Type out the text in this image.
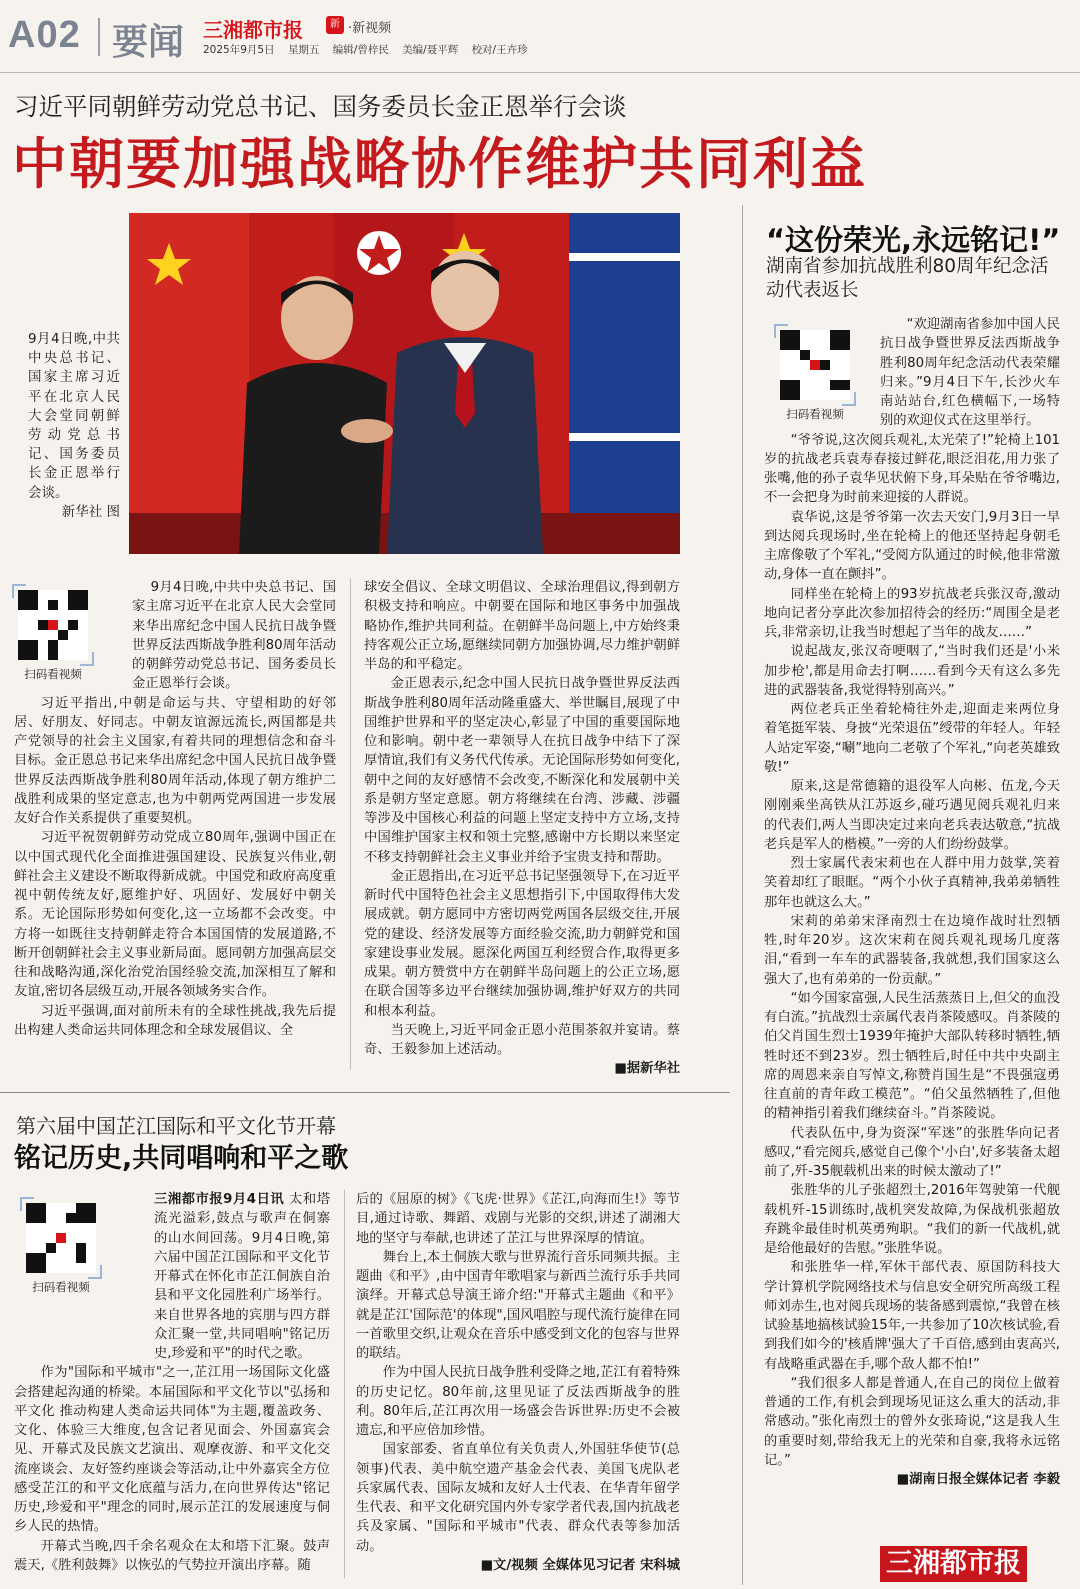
A02 要闻 三湘都市报	新 ·新视频
2025年9月5日 星期五 编辑/曾梓民 美编/聂平辉 校对/王卉珍
习近平同朝鲜劳动党总书记、国务委员长金正恩举行会谈
中朝要加强战略协作维护共同利益
9月4日晚,中共中央总书记、国家主席习近平在北京人民大会堂同朝鲜劳动党总书记、国务委员长金正恩举行会谈。
新华社 图
扫码看视频

9月4日晚,中共中央总书记、国家主席习近平在北京人民大会堂同来华出席纪念中国人民抗日战争暨世界反法西斯战争胜利80周年活动的朝鲜劳动党总书记、国务委员长金正恩举行会谈。

习近平指出,中朝是命运与共、守望相助的好邻居、好朋友、好同志。中朝友谊源远流长,两国都是共产党领导的社会主义国家,有着共同的理想信念和奋斗目标。金正恩总书记来华出席纪念中国人民抗日战争暨世界反法西斯战争胜利80周年活动,体现了朝方维护二战胜利成果的坚定意志,也为中朝两党两国进一步发展友好合作关系提供了重要契机。

习近平祝贺朝鲜劳动党成立80周年,强调中国正在以中国式现代化全面推进强国建设、民族复兴伟业,朝鲜社会主义建设不断取得新成就。中国党和政府高度重视中朝传统友好,愿维护好、巩固好、发展好中朝关系。无论国际形势如何变化,这一立场都不会改变。中方将一如既往支持朝鲜走符合本国国情的发展道路,不断开创朝鲜社会主义事业新局面。愿同朝方加强高层交往和战略沟通,深化治党治国经验交流,加深相互了解和友谊,密切各层级互动,开展各领域务实合作。

习近平强调,面对前所未有的全球性挑战,我先后提出构建人类命运共同体理念和全球发展倡议、全

球安全倡议、全球文明倡议、全球治理倡议,得到朝方积极支持和响应。中朝要在国际和地区事务中加强战略协作,维护共同利益。在朝鲜半岛问题上,中方始终秉持客观公正立场,愿继续同朝方加强协调,尽力维护朝鲜半岛的和平稳定。

金正恩表示,纪念中国人民抗日战争暨世界反法西斯战争胜利80周年活动隆重盛大、举世瞩目,展现了中国维护世界和平的坚定决心,彰显了中国的重要国际地位和影响。朝中老一辈领导人在抗日战争中结下了深厚情谊,我们有义务代代传承。无论国际形势如何变化,朝中之间的友好感情不会改变,不断深化和发展朝中关系是朝方坚定意愿。朝方将继续在台湾、涉藏、涉疆等涉及中国核心利益的问题上坚定支持中方立场,支持中国维护国家主权和领土完整,感谢中方长期以来坚定不移支持朝鲜社会主义事业并给予宝贵支持和帮助。

金正恩指出,在习近平总书记坚强领导下,在习近平新时代中国特色社会主义思想指引下,中国取得伟大发展成就。朝方愿同中方密切两党两国各层级交往,开展党的建设、经济发展等方面经验交流,助力朝鲜党和国家建设事业发展。愿深化两国互利经贸合作,取得更多成果。朝方赞赏中方在朝鲜半岛问题上的公正立场,愿在联合国等多边平台继续加强协调,维护好双方的共同和根本利益。

当天晚上,习近平同金正恩小范围茶叙并宴请。蔡奇、王毅参加上述活动。

■据新华社
第六届中国芷江国际和平文化节开幕
铭记历史,共同唱响和平之歌
扫码看视频

三湘都市报9月4日讯 太和塔流光溢彩,鼓点与歌声在侗寨的山水间回荡。9月4日晚,第六届中国芷江国际和平文化节开幕式在怀化市芷江侗族自治县和平文化园胜利广场举行。来自世界各地的宾朋与四方群众汇聚一堂,共同唱响"铭记历史,珍爱和平"的时代之歌。

作为"国际和平城市"之一,芷江用一场国际文化盛会搭建起沟通的桥梁。本届国际和平文化节以"弘扬和平文化 推动构建人类命运共同体"为主题,覆盖政务、文化、体验三大维度,包含记者见面会、外国嘉宾会见、开幕式及民族文艺演出、观摩夜游、和平文化交流座谈会、友好签约座谈会等活动,让中外嘉宾全方位感受芷江的和平文化底蕴与活力,在向世界传达"铭记历史,珍爱和平"理念的同时,展示芷江的发展速度与侗乡人民的热情。

开幕式当晚,四千余名观众在太和塔下汇聚。鼓声震天,《胜利鼓舞》以恢弘的气势拉开演出序幕。随

后的《屈原的树》《飞虎·世界》《芷江,向海而生!》等节目,通过诗歌、舞蹈、戏剧与光影的交织,讲述了湖湘大地的坚守与奉献,也讲述了芷江与世界深厚的情谊。

舞台上,本土侗族大歌与世界流行音乐同频共振。主题曲《和平》,由中国青年歌唱家与新西兰流行乐手共同演绎。开幕式总导演王谛介绍:"开幕式主题曲《和平》就是芷江'国际范'的体现",国风唱腔与现代流行旋律在同一首歌里交织,让观众在音乐中感受到文化的包容与世界的联结。

作为中国人民抗日战争胜利受降之地,芷江有着特殊的历史记忆。80年前,这里见证了反法西斯战争的胜利。80年后,芷江再次用一场盛会告诉世界:历史不会被遗忘,和平应倍加珍惜。

国家部委、省直单位有关负责人,外国驻华使节(总领事)代表、美中航空遗产基金会代表、美国飞虎队老兵家属代表、国际友城和友好人士代表、在华青年留学生代表、和平文化研究国内外专家学者代表,国内抗战老兵及家属、"国际和平城市"代表、群众代表等参加活动。

■文/视频 全媒体见习记者 宋科城
“这份荣光,永远铭记!”
湖南省参加抗战胜利80周年纪念活动代表返长
扫码看视频

“欢迎湖南省参加中国人民抗日战争暨世界反法西斯战争胜利80周年纪念活动代表荣耀归来。”9月4日下午,长沙火车南站站台,红色横幅下,一场特别的欢迎仪式在这里举行。

“爷爷说,这次阅兵观礼,太光荣了!”轮椅上101岁的抗战老兵袁寿春接过鲜花,眼泛泪花,用力张了张嘴,他的孙子袁华见状俯下身,耳朵贴在爷爷嘴边,不一会把身为时前来迎接的人群说。

袁华说,这是爷爷第一次去天安门,9月3日一早到达阅兵现场时,坐在轮椅上的他还坚持起身朝毛主席像敬了个军礼,“受阅方队通过的时候,他非常激动,身体一直在颤抖”。

同样坐在轮椅上的93岁抗战老兵张汉奇,激动地向记者分享此次参加招待会的经历:“周围全是老兵,非常亲切,让我当时想起了当年的战友……”

说起战友,张汉奇哽咽了,“当时我们还是'小米加步枪',都是用命去打啊……看到今天有这么多先进的武器装备,我觉得特别高兴。”

两位老兵正坐着轮椅往外走,迎面走来两位身着笔挺军装、身披“光荣退伍”绶带的年轻人。年轻人站定军姿,“唰”地向二老敬了个军礼,“向老英雄致敬!”

原来,这是常德籍的退役军人向彬、伍龙,今天刚刚乘坐高铁从江苏返乡,碰巧遇见阅兵观礼归来的代表们,两人当即决定过来向老兵表达敬意,“抗战老兵是军人的楷模。”一旁的人们纷纷鼓掌。

烈士家属代表宋莉也在人群中用力鼓掌,笑着笑着却红了眼眶。“两个小伙子真精神,我弟弟牺牲那年也就这么大。”

宋莉的弟弟宋泽南烈士在边境作战时壮烈牺牲,时年20岁。这次宋莉在阅兵观礼现场几度落泪,“看到一车车的武器装备,我就想,我们国家这么强大了,也有弟弟的一份贡献。”

“如今国家富强,人民生活蒸蒸日上,但父的血没有白流。”抗战烈士亲属代表肖茶陵感叹。肖茶陵的伯父肖国生烈士1939年掩护大部队转移时牺牲,牺牲时还不到23岁。烈士牺牲后,时任中共中央副主席的周恩来亲自写悼文,称赞肖国生是“不畏强寇勇往直前的青年政工模范”。“伯父虽然牺牲了,但他的精神指引着我们继续奋斗。”肖茶陵说。

代表队伍中,身为资深“军迷”的张胜华向记者感叹,“看完阅兵,感觉自己像个'小白',好多装备太超前了,歼-35舰载机出来的时候太激动了!”

张胜华的儿子张超烈士,2016年驾驶第一代舰载机歼-15训练时,战机突发故障,为保战机张超放弃跳伞最佳时机英勇殉职。“我们的新一代战机,就是给他最好的告慰。”张胜华说。

和张胜华一样,军休干部代表、原国防科技大学计算机学院网络技术与信息安全研究所高级工程师刘赤生,也对阅兵现场的装备感到震惊,“我曾在核试验基地搞核试验15年,一共参加了10次核试验,看到我们如今的'核盾牌'强大了千百倍,感到由衷高兴,有战略重武器在手,哪个敌人都不怕!”

“我们很多人都是普通人,在自己的岗位上做着普通的工作,有机会到现场见证这么重大的活动,非常感动。”张化南烈士的曾外女张琦说,“这是我人生的重要时刻,带给我无上的光荣和自豪,我将永远铭记。”

■湖南日报全媒体记者 李毅
三湘都市报
